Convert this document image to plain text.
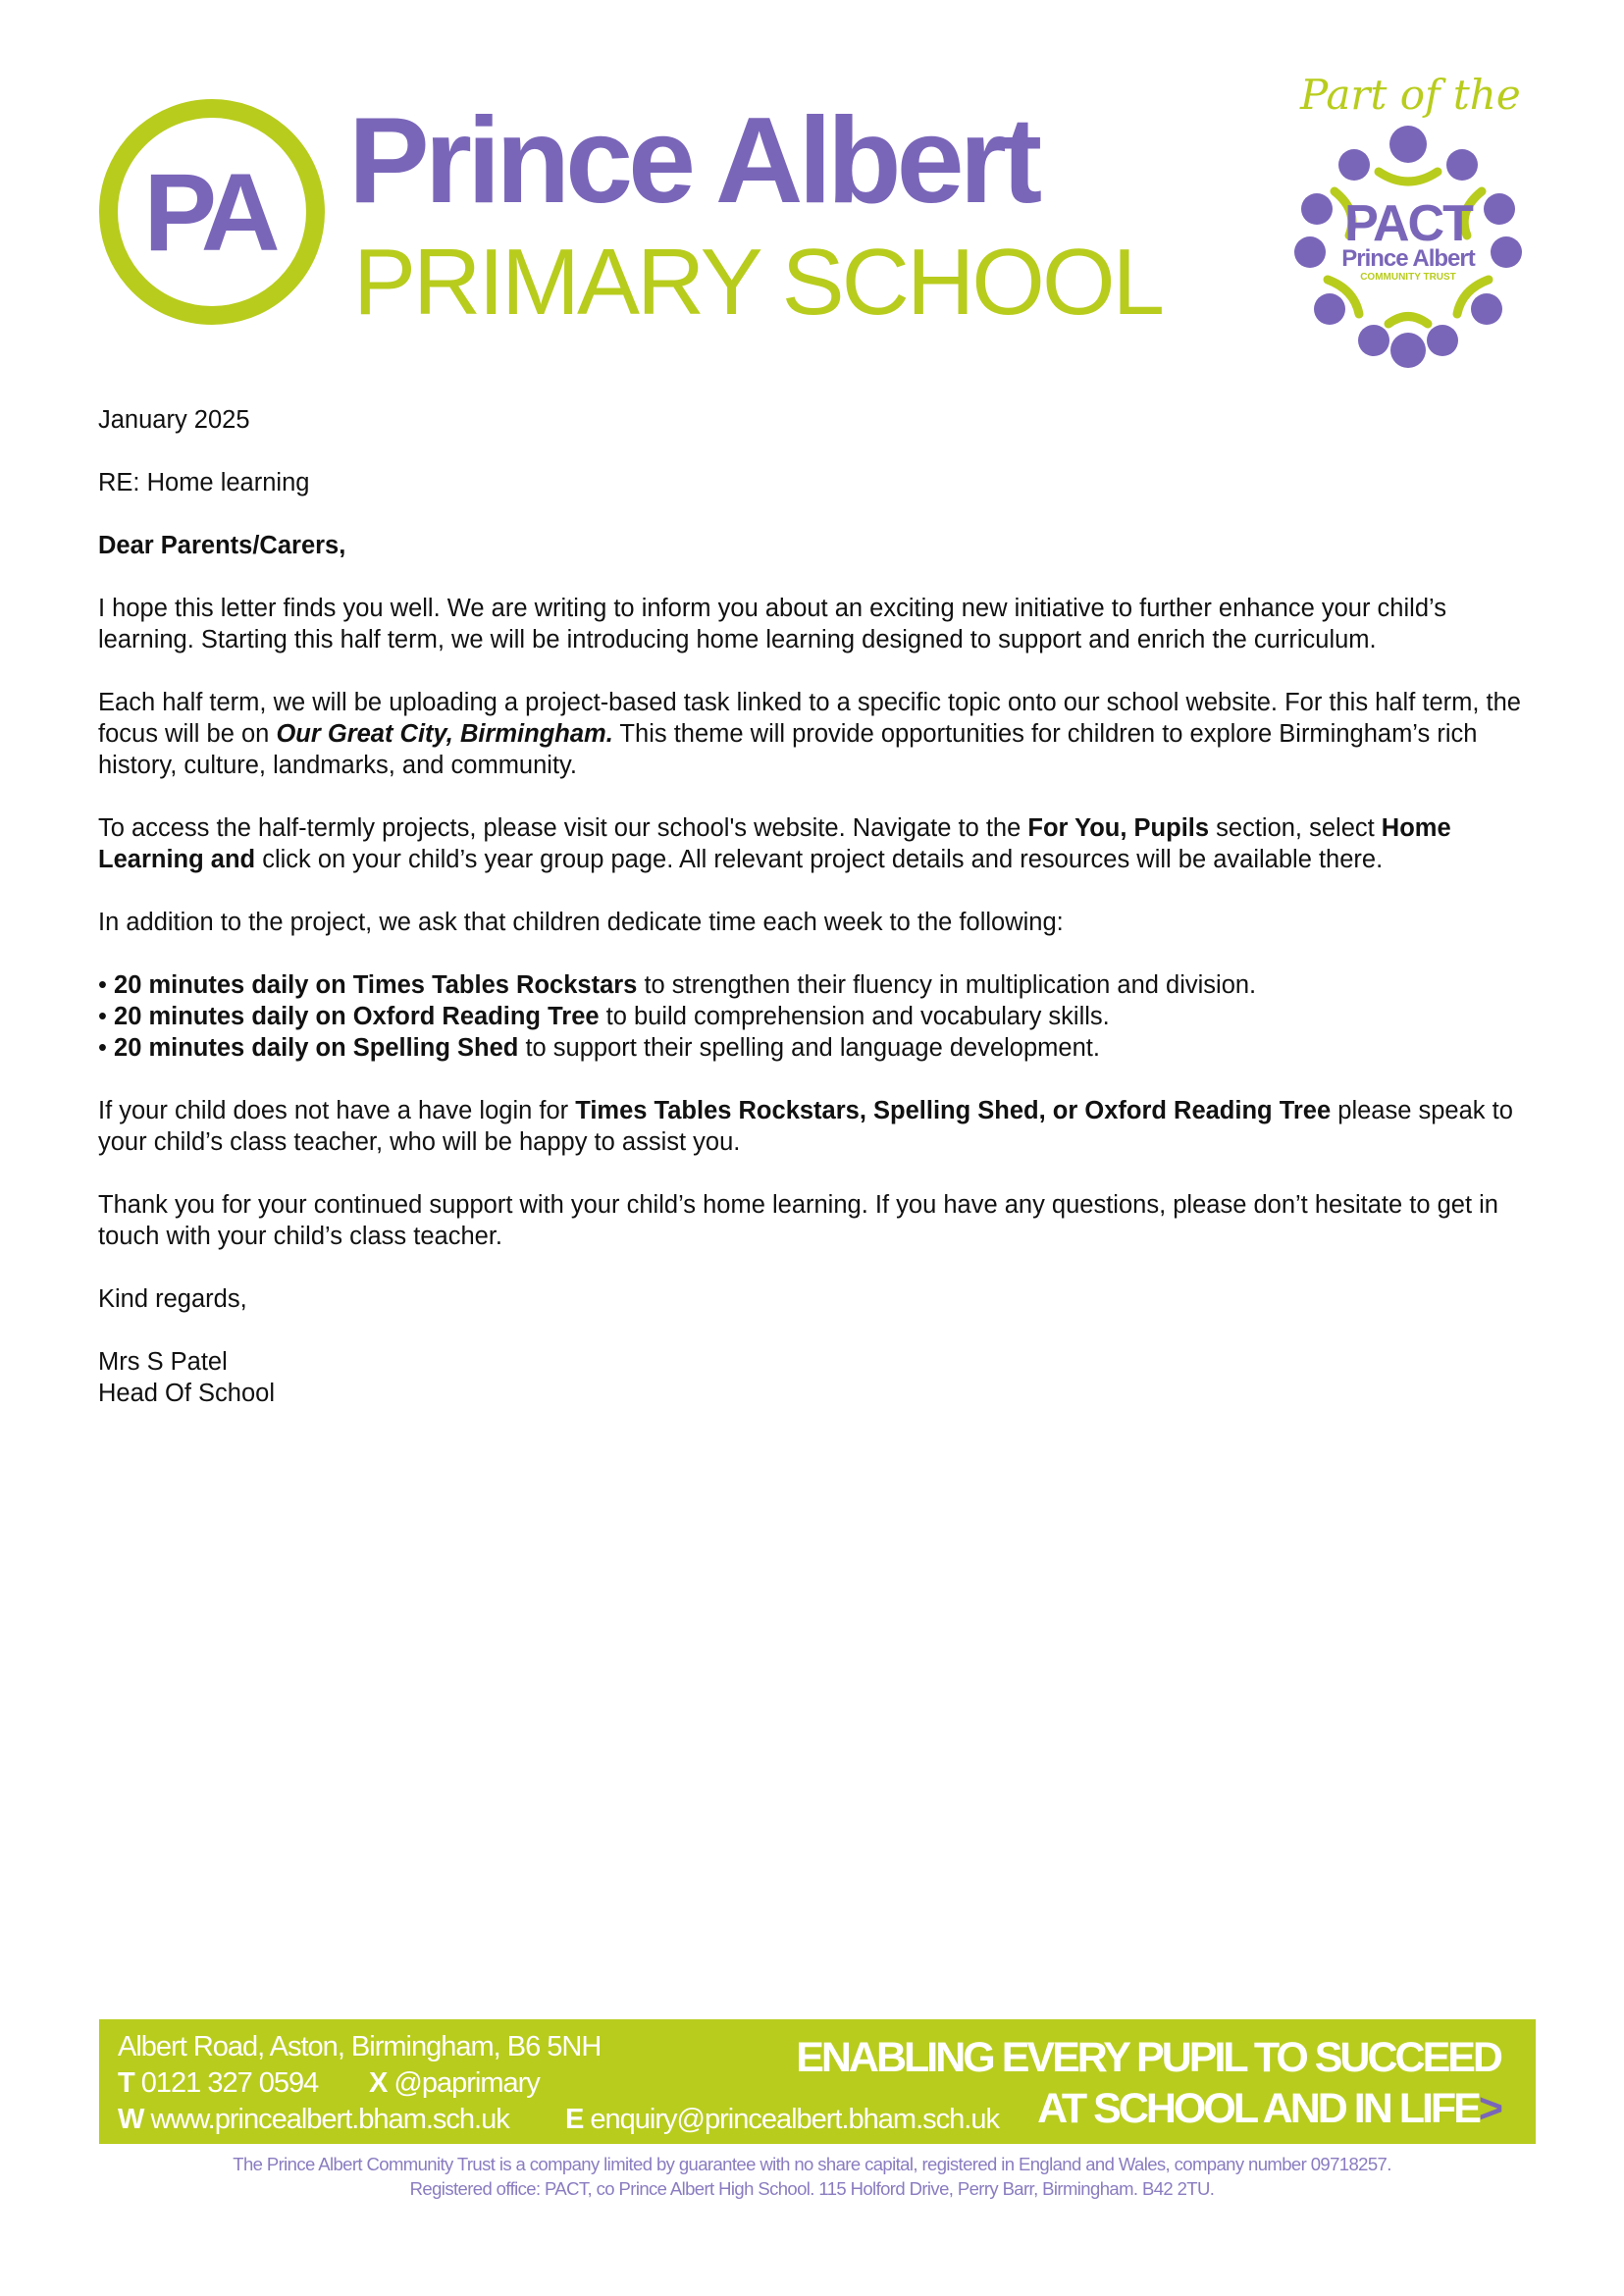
PA Prince Albert
PRIMARY SCHOOL
Part of the
PACT
Prince Albert
COMMUNITY TRUST

January 2025

RE: Home learning

Dear Parents/Carers,

I hope this letter finds you well. We are writing to inform you about an exciting new initiative to further enhance your child’s learning. Starting this half term, we will be introducing home learning designed to support and enrich the curriculum.

Each half term, we will be uploading a project-based task linked to a specific topic onto our school website. For this half term, the focus will be on Our Great City, Birmingham. This theme will provide opportunities for children to explore Birmingham’s rich history, culture, landmarks, and community.

To access the half-termly projects, please visit our school's website. Navigate to the For You, Pupils section, select Home Learning and click on your child’s year group page. All relevant project details and resources will be available there.

In addition to the project, we ask that children dedicate time each week to the following:

• 20 minutes daily on Times Tables Rockstars to strengthen their fluency in multiplication and division.

• 20 minutes daily on Oxford Reading Tree to build comprehension and vocabulary skills.

• 20 minutes daily on Spelling Shed to support their spelling and language development.

If your child does not have a have login for Times Tables Rockstars, Spelling Shed, or Oxford Reading Tree please speak to your child’s class teacher, who will be happy to assist you.

Thank you for your continued support with your child’s home learning. If you have any questions, please don’t hesitate to get in touch with your child’s class teacher.

Kind regards,

Mrs S Patel

Head Of School

Albert Road, Aston, Birmingham, B6 5NH
T 0121 327 0594 X @paprimary
W www.princealbert.bham.sch.uk E enquiry@princealbert.bham.sch.uk
ENABLING EVERY PUPIL TO SUCCEED
AT SCHOOL AND IN LIFE>
The Prince Albert Community Trust is a company limited by guarantee with no share capital, registered in England and Wales, company number 09718257.
Registered office: PACT, co Prince Albert High School. 115 Holford Drive, Perry Barr, Birmingham. B42 2TU.
